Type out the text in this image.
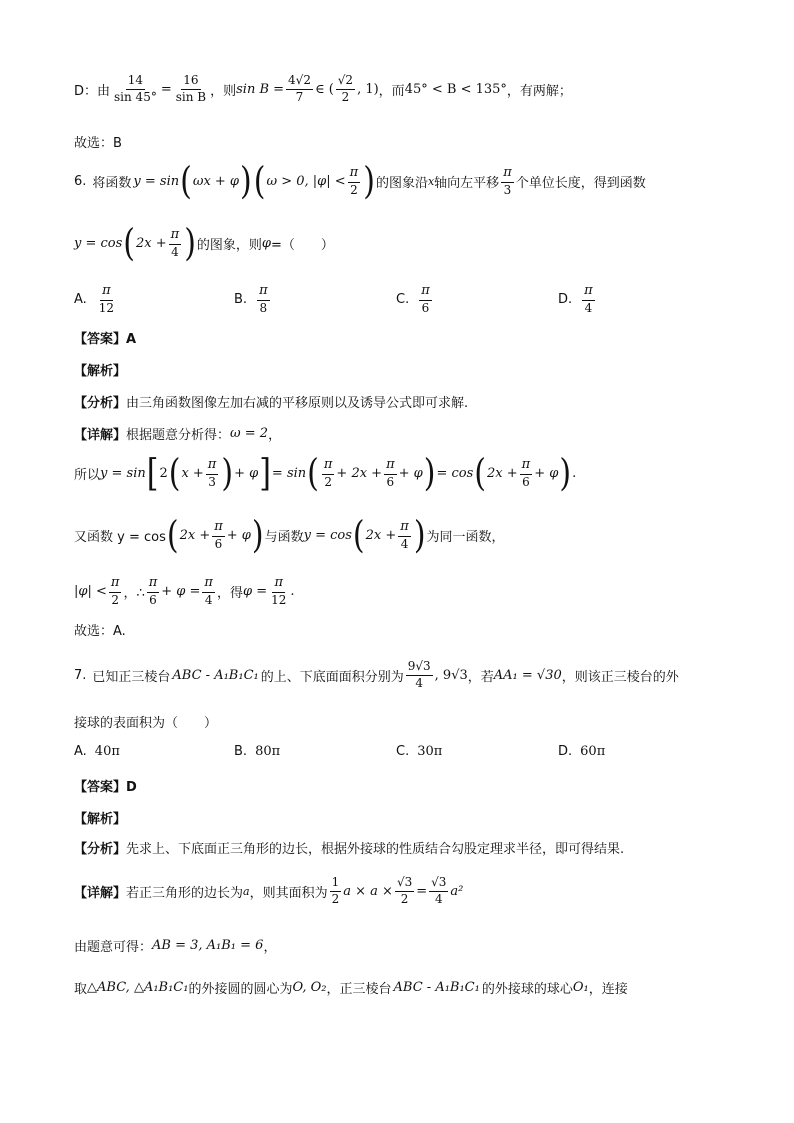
D：由 $\frac{14}{\sin 45^\circ} = \frac{16}{\text{sin B}}$ ，则 $\sin B = \frac{4√2}{7}$ ∈ ( $\frac{√2}{2}$ , 1) ，而 45° < B < 135° ，有两解；
故选：B
6. 将函数 y = sin ( ωx + φ ) ( ω > 0, $|\varphi| < \frac{\pi}{2}$ ) 的图象沿 x 轴向左平移 $\frac{\pi}{3}$ 个单位长度，得到函数
y = cos ( $2x + \frac{\pi}{4}$ ) 的图象，则 φ =（　　）
A. $\frac{\pi}{12}$	B. $\frac{\pi}{8}$	C. $\frac{\pi}{6}$	D. $\frac{\pi}{4}$
【答案】A
【解析】
【分析】 由三角函数图像左加右减的平移原则以及诱导公式即可求解.
【详解】 根据题意分析得： ω = 2 ，
所以 y = sin [ 2 ( $x + \frac{\pi}{3}$ ) + φ ] = sin ( $\frac{\pi}{2} + 2x + \frac{\pi}{6} + \varphi$ ) = cos ( $2x + \frac{\pi}{6} + \varphi$ ) .
又函数 y = cos ( $2x + \frac{\pi}{6} + \varphi$ ) 与函数 y = cos ( $2x + \frac{\pi}{4}$ ) 为同一函数，
$|\varphi| < \frac{\pi}{2}$ ，∴ $\frac{\pi}{6} + \varphi = \frac{\pi}{4}$ ，得 $\varphi = \frac{\pi}{12}$ .
故选：A.
7. 已知正三棱台 ABC - A₁B₁C₁ 的上、下底面面积分别为 $\frac{9√3}{4}$ , 9√3 ，若 AA₁ = √30 ，则该正三棱台的外
接球的表面积为（　　）
A. 40π	B. 80π	C. 30π	D. 60π
【答案】D
【解析】
【分析】 先求上、下底面正三角形的边长，根据外接球的性质结合勾股定理求半径，即可得结果.
【详解】 若正三角形的边长为 a ，则其面积为 $\frac{1}{2}$ $a \times a \times \frac{√3}{2} = \frac{√3}{4} a^2$
由题意可得： AB = 3, A₁B₁ = 6 ，
取 △ABC, △A₁B₁C₁ 的外接圆的圆心为 O, O₂ ，正三棱台 ABC - A₁B₁C₁ 的外接球的球心 O₁ ，连接
